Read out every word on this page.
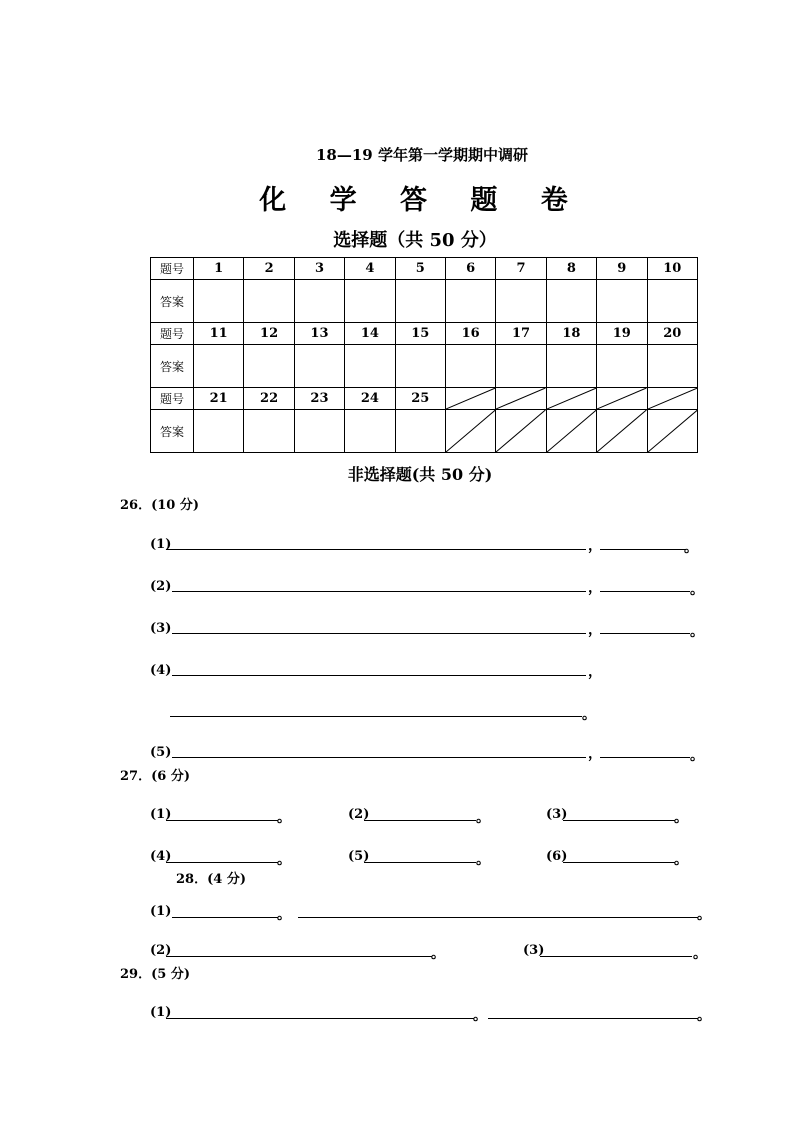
18—19 学年第一学期期中调研
化 学 答 题 卷
选择题（共 50 分）
题号	1	2	3	4	5	6	7	8	9	10
答案										
题号	11	12	13	14	15	16	17	18	19	20
答案										
题号	21	22	23	24	25	

答案						

非选择题(共 50 分)
26．(10 分)
(1)	，	。
(2)	，	。
(3)	，	。
(4)	，
。
(5)	，	。
27．(6 分)
(1)	。	(2)	。	(3)	。
(4)	。	(5)	。	(6)	。
28．(4 分)
(1)	。	。
(2)	。	(3)	。
29．(5 分)
(1)	。	。
